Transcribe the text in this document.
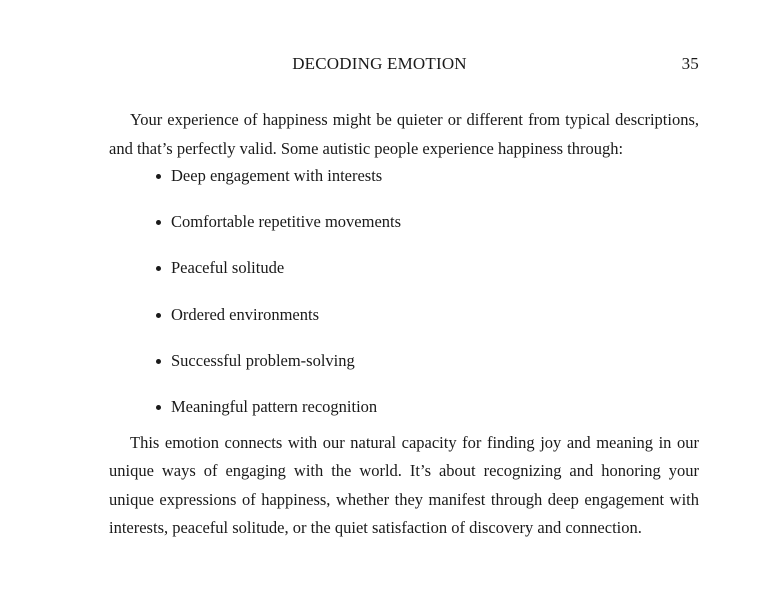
DECODING EMOTION	35

Your experience of happiness might be quieter or different from typical descriptions, and that’s perfectly valid. Some autistic people experience happiness through:

Deep engagement with interests
Comfortable repetitive movements
Peaceful solitude
Ordered environments
Successful problem-solving
Meaningful pattern recognition

This emotion connects with our natural capacity for finding joy and meaning in our unique ways of engaging with the world. It’s about recognizing and honoring your unique expressions of happiness, whether they manifest through deep engagement with interests, peaceful solitude, or the quiet satisfaction of discovery and connection.
